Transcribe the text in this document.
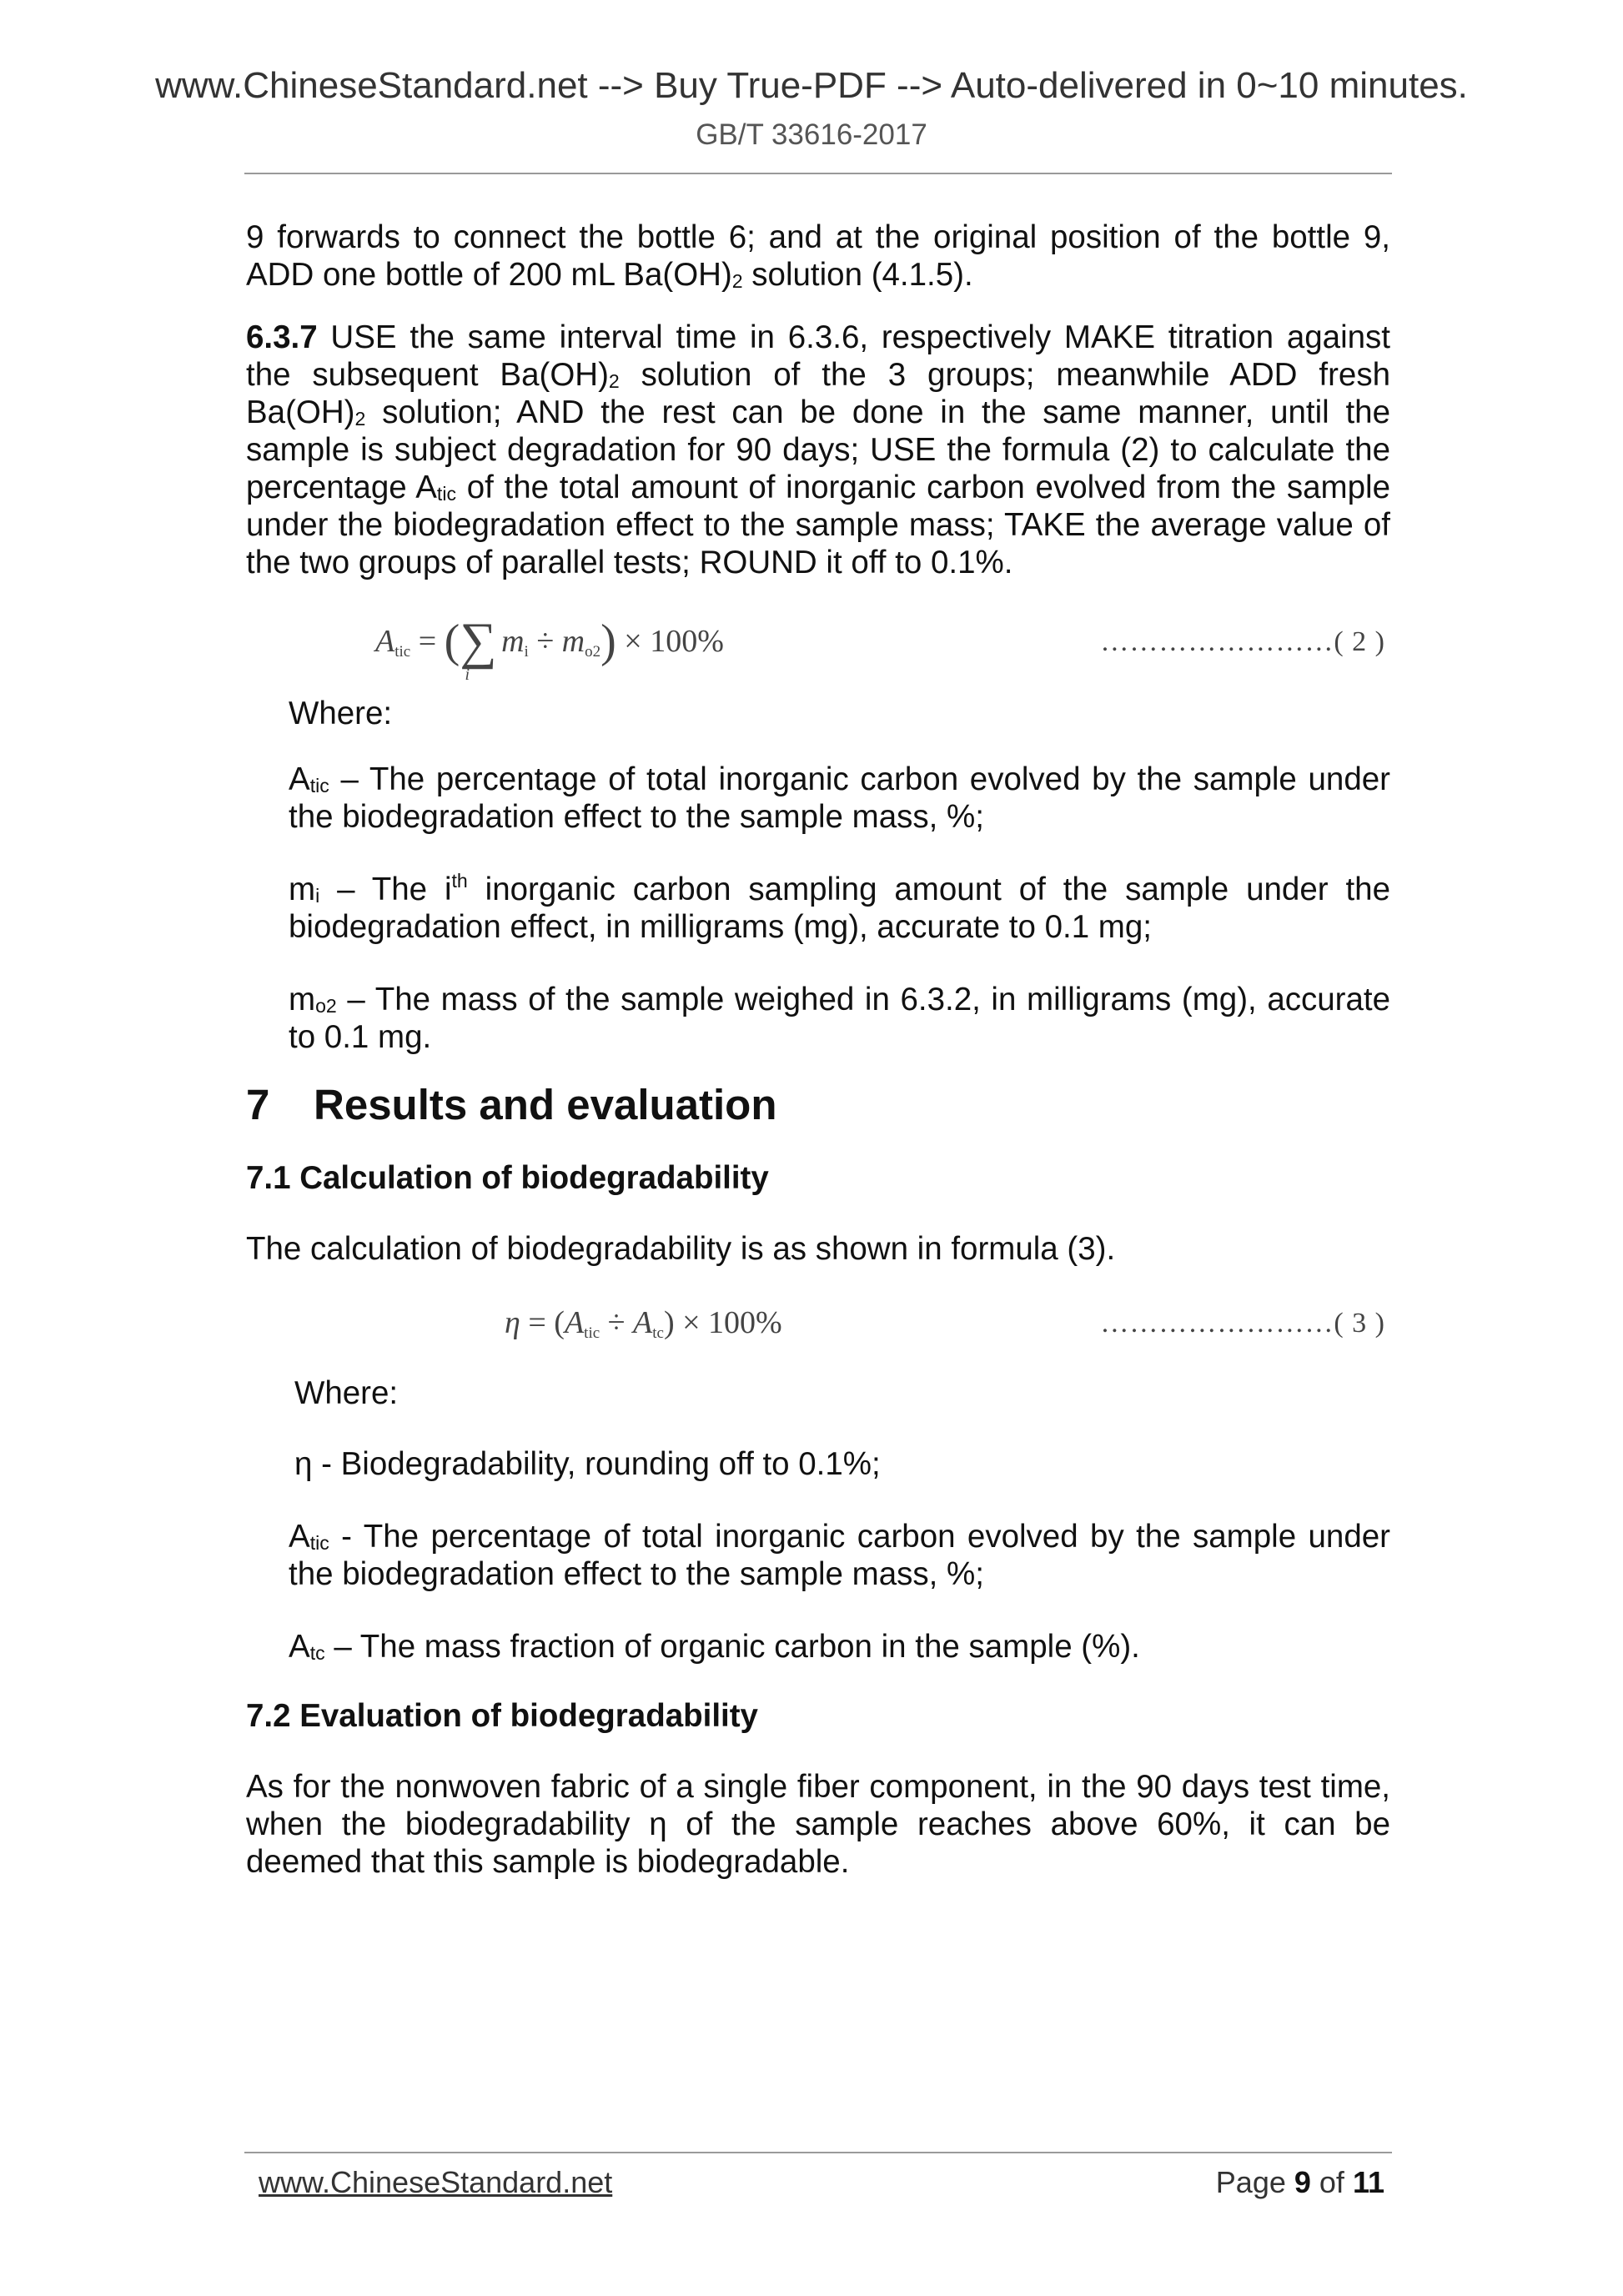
www.ChineseStandard.net --> Buy True-PDF --> Auto-delivered in 0~10 minutes.
GB/T 33616-2017

9 forwards to connect the bottle 6; and at the original position of the bottle 9, ADD one bottle of 200 mL $Ba(OH)_2$ solution (4.1.5).

6.3.7 USE the same interval time in 6.3.6, respectively MAKE titration against the subsequent $Ba(OH)_2$ solution of the 3 groups; meanwhile ADD fresh $Ba(OH)_2$ solution; AND the rest can be done in the same manner, until the sample is subject degradation for 90 days; USE the formula (2) to calculate the percentage $A_{tic}$ of the total amount of inorganic carbon evolved from the sample under the biodegradation effect to the sample mass; TAKE the average value of the two groups of parallel tests; ROUND it off to 0.1%.

Atic = $(\sum_imi \div mo2) \times 100\%$	……………………( 2 )

Where:

$A_{tic}$ – The percentage of total inorganic carbon evolved by the sample under the biodegradation effect to the sample mass, %;

$m_i$ – The $i^{th}$ inorganic carbon sampling amount of the sample under the biodegradation effect, in milligrams (mg), accurate to 0.1 mg;

$m_{o2}$ – The mass of the sample weighed in 6.3.2, in milligrams (mg), accurate to 0.1 mg.

7 Results and evaluation

7.1 Calculation of biodegradability

The calculation of biodegradability is as shown in formula (3).

η = (Atic ÷ Atc) × 100%	……………………( 3 )

Where:

η - Biodegradability, rounding off to 0.1%;

$A_{tic}$ - The percentage of total inorganic carbon evolved by the sample under the biodegradation effect to the sample mass, %;

$A_{tc}$ – The mass fraction of organic carbon in the sample (%).

7.2 Evaluation of biodegradability

As for the nonwoven fabric of a single fiber component, in the 90 days test time, when the biodegradability η of the sample reaches above 60%, it can be deemed that this sample is biodegradable.

www.ChineseStandard.net	Page 9 of 11
